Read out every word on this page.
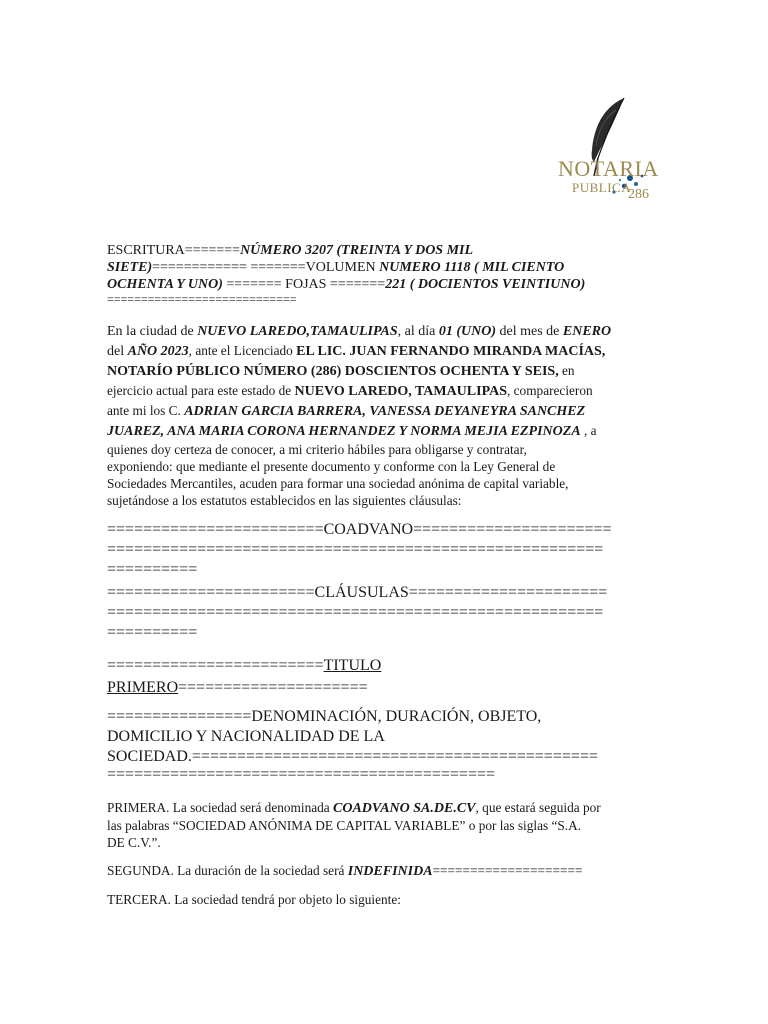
NOTARIA
PUBLICA
286
ESCRITURA=======NÚMERO 3207 (TREINTA Y DOS MIL
SIETE)============ =======VOLUMEN NUMERO 1118 ( MIL CIENTO
OCHENTA Y UNO) ======= FOJAS =======221 ( DOCIENTOS VEINTIUNO)
============================
En la ciudad de NUEVO LAREDO,TAMAULIPAS, al día 01 (UNO) del mes de ENERO
del AÑO 2023, ante el Licenciado EL LIC. JUAN FERNANDO MIRANDA MACÍAS,
NOTARÍO PÚBLICO NÚMERO (286) DOSCIENTOS OCHENTA Y SEIS, en
ejercicio actual para este estado de NUEVO LAREDO, TAMAULIPAS, comparecieron
ante mi los C. ADRIAN GARCIA BARRERA, VANESSA DEYANEYRA SANCHEZ
JUAREZ, ANA MARIA CORONA HERNANDEZ Y NORMA MEJIA EZPINOZA , a
quienes doy certeza de conocer, a mi criterio hábiles para obligarse y contratar,
exponiendo: que mediante el presente documento y conforme con la Ley General de
Sociedades Mercantiles, acuden para formar una sociedad anónima de capital variable,
sujetándose a los estatutos establecidos en las siguientes cláusulas:
========================COADVANO======================
=======================================================
==========
=======================CLÁUSULAS======================
=======================================================
==========
========================TITULO
PRIMERO=====================
================DENOMINACIÓN, DURACIÓN, OBJETO,
DOMICILIO Y NACIONALIDAD DE LA
SOCIEDAD.=============================================
===========================================
PRIMERA. La sociedad será denominada COADVANO SA.DE.CV, que estará seguida por
las palabras “SOCIEDAD ANÓNIMA DE CAPITAL VARIABLE” o por las siglas “S.A.
DE C.V.”.
SEGUNDA. La duración de la sociedad será INDEFINIDA====================
TERCERA. La sociedad tendrá por objeto lo siguiente:
